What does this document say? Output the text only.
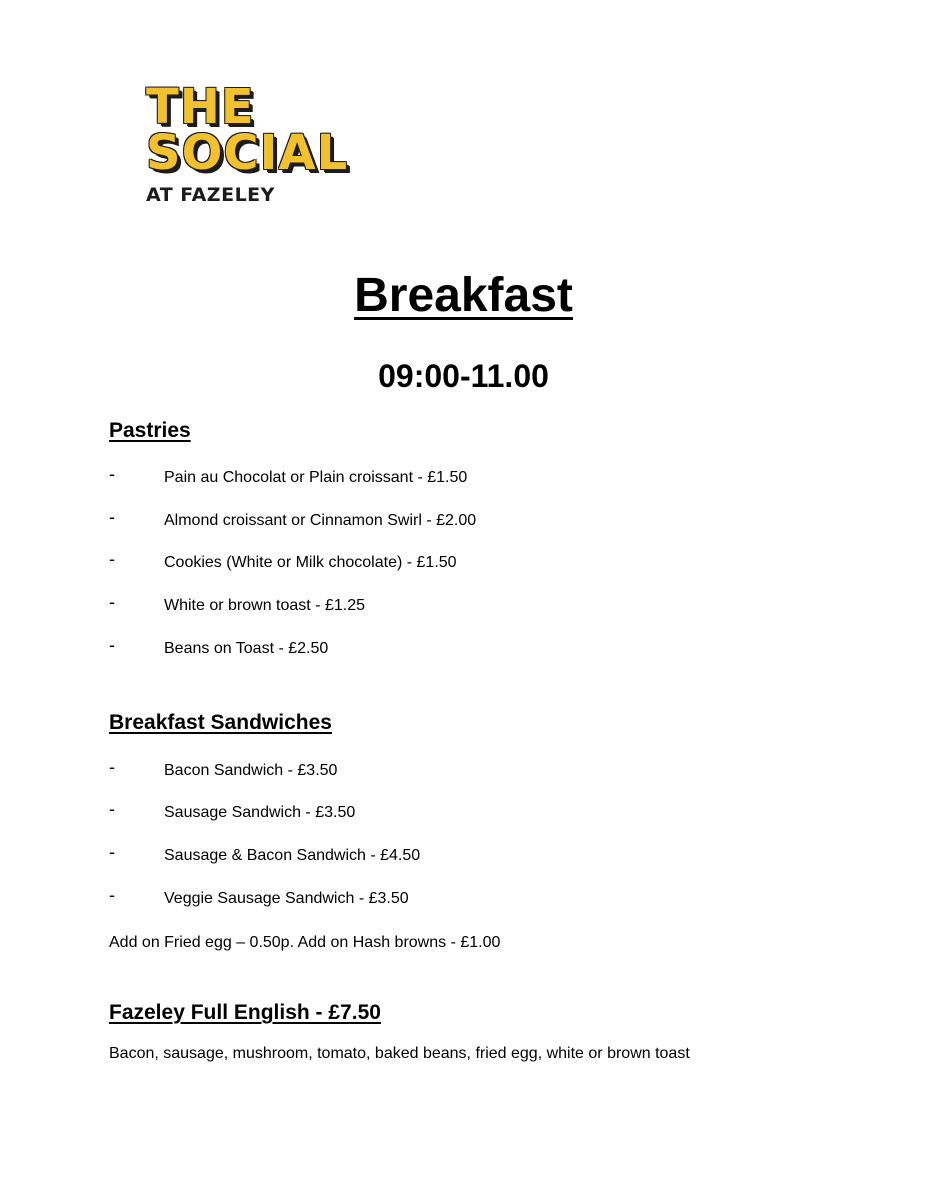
THE
SOCIAL
AT FAZELEY
Breakfast
09:00-11.00
Pastries
-	Pain au Chocolat or Plain croissant - £1.50
-	Almond croissant or Cinnamon Swirl - £2.00
-	Cookies (White or Milk chocolate) - £1.50
-	White or brown toast - £1.25
-	Beans on Toast - £2.50
Breakfast Sandwiches
-	Bacon Sandwich - £3.50
-	Sausage Sandwich - £3.50
-	Sausage & Bacon Sandwich - £4.50
-	Veggie Sausage Sandwich - £3.50
Add on Fried egg – 0.50p. Add on Hash browns - £1.00
Fazeley Full English - £7.50
Bacon, sausage, mushroom, tomato, baked beans, fried egg, white or brown toast
